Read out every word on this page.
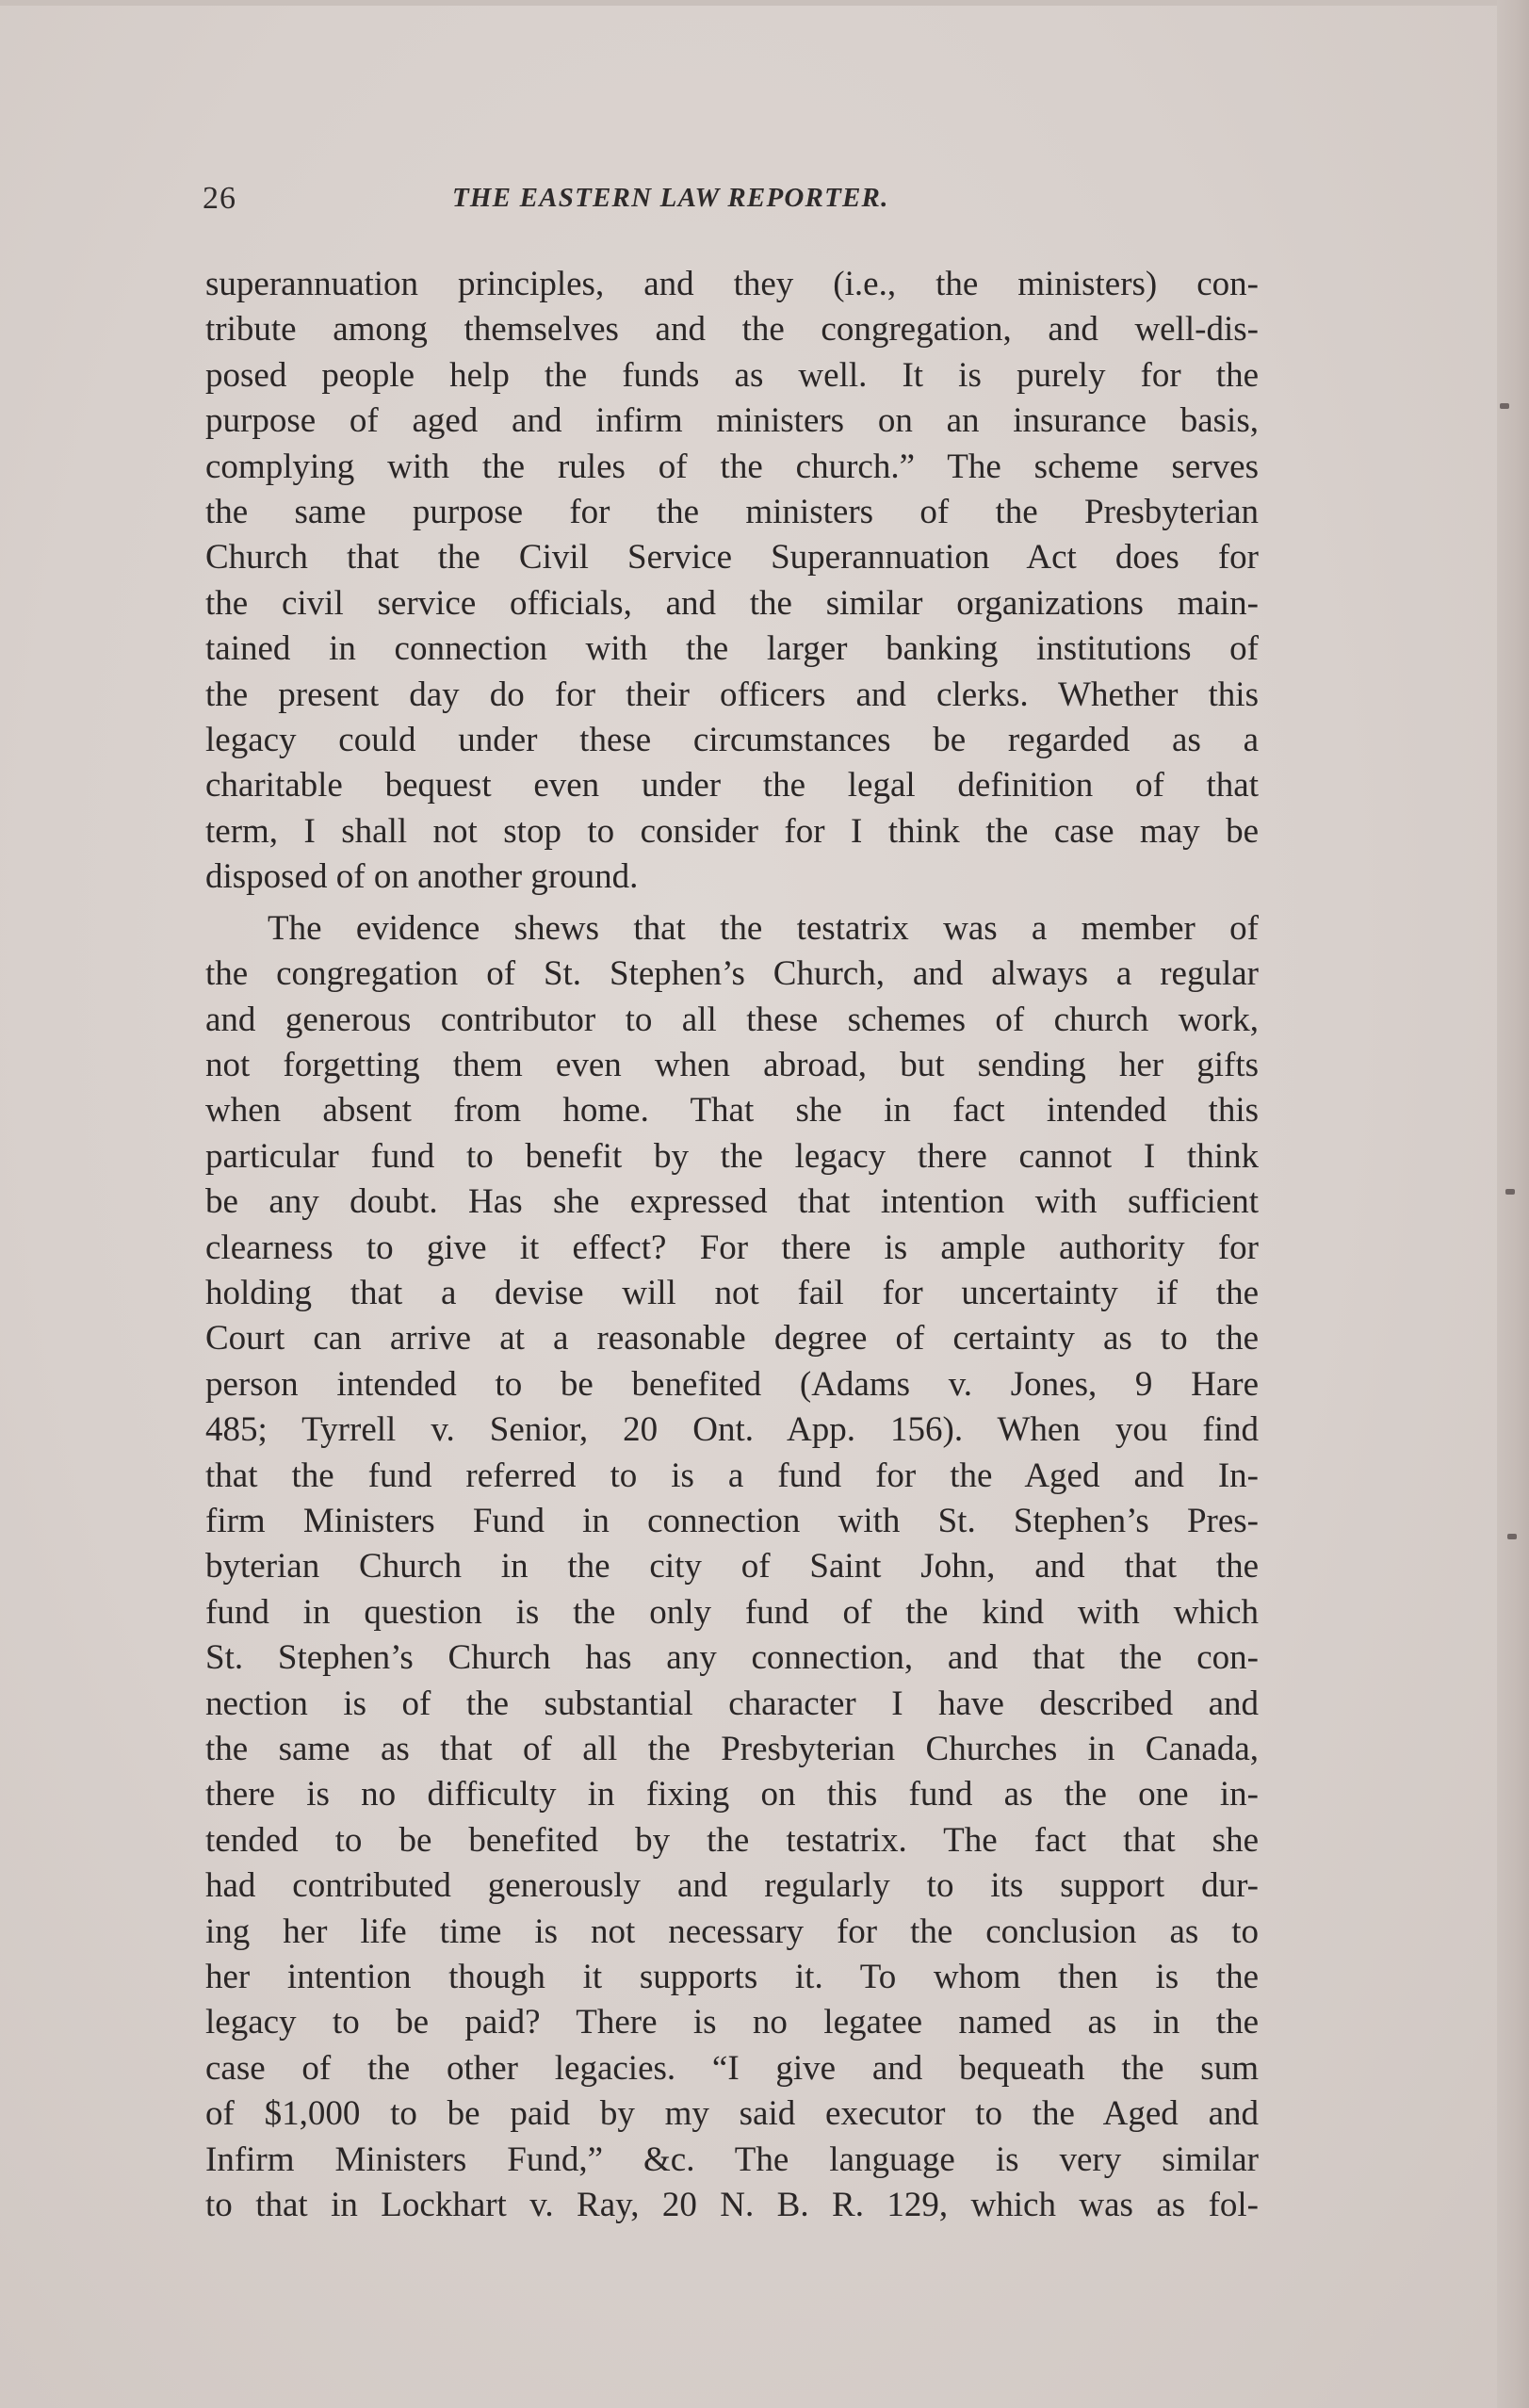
26	THE EASTERN LAW REPORTER.
superannuation principles, and they (i.e., the ministers) con-
tribute among themselves and the congregation, and well-dis-
posed people help the funds as well. It is purely for the
purpose of aged and infirm ministers on an insurance basis,
complying with the rules of the church.” The scheme serves
the same purpose for the ministers of the Presbyterian
Church that the Civil Service Superannuation Act does for
the civil service officials, and the similar organizations main-
tained in connection with the larger banking institutions of
the present day do for their officers and clerks. Whether this
legacy could under these circumstances be regarded as a
charitable bequest even under the legal definition of that
term, I shall not stop to consider for I think the case may be
disposed of on another ground.
The evidence shews that the testatrix was a member of
the congregation of St. Stephen’s Church, and always a regular
and generous contributor to all these schemes of church work,
not forgetting them even when abroad, but sending her gifts
when absent from home. That she in fact intended this
particular fund to benefit by the legacy there cannot I think
be any doubt. Has she expressed that intention with sufficient
clearness to give it effect? For there is ample authority for
holding that a devise will not fail for uncertainty if the
Court can arrive at a reasonable degree of certainty as to the
person intended to be benefited (Adams v. Jones, 9 Hare
485; Tyrrell v. Senior, 20 Ont. App. 156). When you find
that the fund referred to is a fund for the Aged and In-
firm Ministers Fund in connection with St. Stephen’s Pres-
byterian Church in the city of Saint John, and that the
fund in question is the only fund of the kind with which
St. Stephen’s Church has any connection, and that the con-
nection is of the substantial character I have described and
the same as that of all the Presbyterian Churches in Canada,
there is no difficulty in fixing on this fund as the one in-
tended to be benefited by the testatrix. The fact that she
had contributed generously and regularly to its support dur-
ing her life time is not necessary for the conclusion as to
her intention though it supports it. To whom then is the
legacy to be paid? There is no legatee named as in the
case of the other legacies. “I give and bequeath the sum
of $1,000 to be paid by my said executor to the Aged and
Infirm Ministers Fund,” &c. The language is very similar
to that in Lockhart v. Ray, 20 N. B. R. 129, which was as fol-
